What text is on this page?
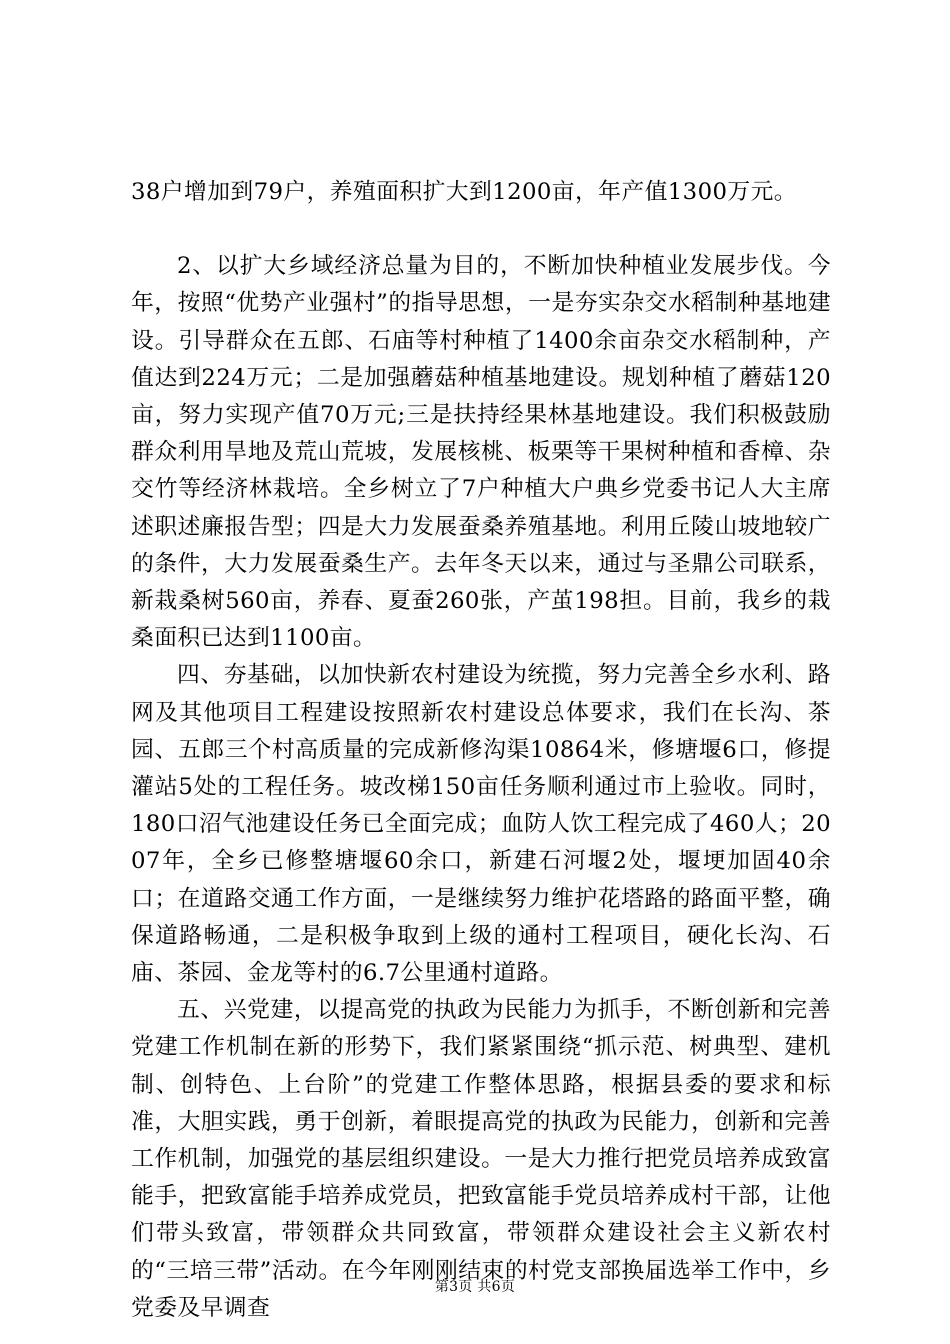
38户增加到79户，养殖面积扩大到1200亩，年产值1300万元。

2、以扩大乡域经济总量为目的，不断加快种植业发展步伐。今年，按照“优势产业强村”的指导思想，一是夯实杂交水稻制种基地建设。引导群众在五郎、石庙等村种植了1400余亩杂交水稻制种，产值达到224万元；二是加强蘑菇种植基地建设。规划种植了蘑菇120亩，努力实现产值70万元;三是扶持经果林基地建设。我们积极鼓励群众利用旱地及荒山荒坡，发展核桃、板栗等干果树种植和香樟、杂交竹等经济林栽培。全乡树立了7户种植大户典乡党委书记人大主席述职述廉报告型；四是大力发展蚕桑养殖基地。利用丘陵山坡地较广的条件，大力发展蚕桑生产。去年冬天以来，通过与圣鼎公司联系，新栽桑树560亩，养春、夏蚕260张，产茧198担。目前，我乡的栽桑面积已达到1100亩。

四、夯基础，以加快新农村建设为统揽，努力完善全乡水利、路网及其他项目工程建设按照新农村建设总体要求，我们在长沟、茶园、五郎三个村高质量的完成新修沟渠10864米，修塘堰6口，修提灌站5处的工程任务。坡改梯150亩任务顺利通过市上验收。同时，180口沼气池建设任务已全面完成；血防人饮工程完成了460人；2007年，全乡已修整塘堰60余口，新建石河堰2处，堰埂加固40余口；在道路交通工作方面，一是继续努力维护花塔路的路面平整，确保道路畅通，二是积极争取到上级的通村工程项目，硬化长沟、石庙、茶园、金龙等村的6.7公里通村道路。

五、兴党建，以提高党的执政为民能力为抓手，不断创新和完善党建工作机制在新的形势下，我们紧紧围绕“抓示范、树典型、建机制、创特色、上台阶”的党建工作整体思路，根据县委的要求和标准，大胆实践，勇于创新，着眼提高党的执政为民能力，创新和完善工作机制，加强党的基层组织建设。一是大力推行把党员培养成致富能手，把致富能手培养成党员，把致富能手党员培养成村干部，让他们带头致富，带领群众共同致富，带领群众建设社会主义新农村的“三培三带”活动。在今年刚刚结束的村党支部换届选举工作中，乡党委及早调查

第3页 共6页
